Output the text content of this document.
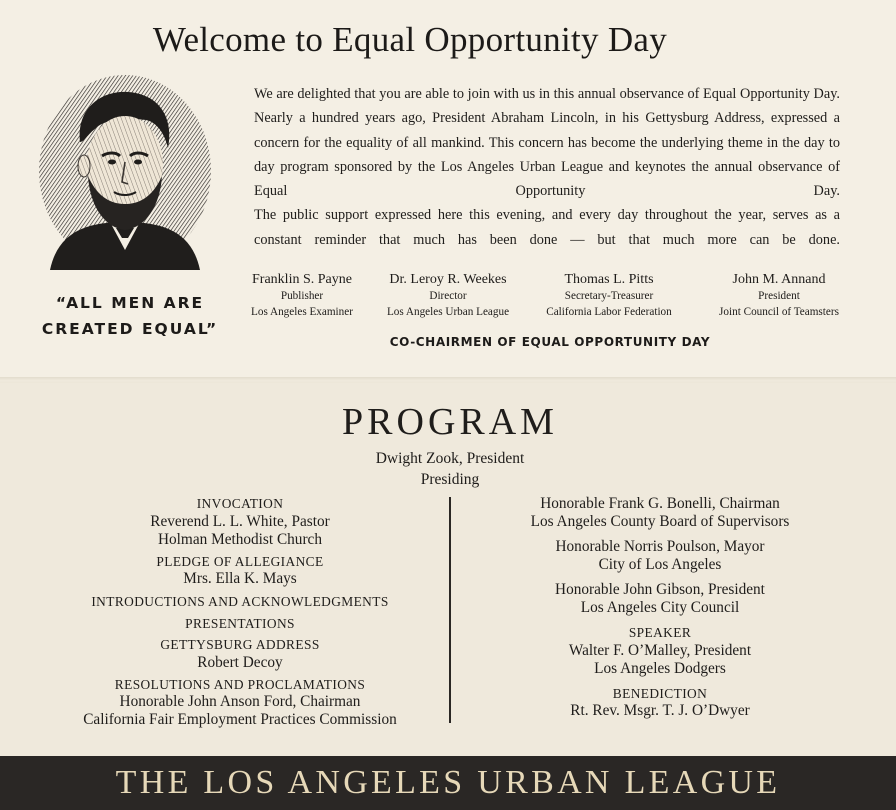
Welcome to Equal Opportunity Day
“ALL MEN ARE
CREATED EQUAL”

We are delighted that you are able to join with us in this annual observance of Equal Opportunity Day. Nearly a hundred years ago, President Abraham Lincoln, in his Gettysburg Address, expressed a concern for the equality of all mankind. This concern has become the underlying theme in the day to day program sponsored by the Los Angeles Urban League and keynotes the annual observance of Equal Opportunity Day.

The public support expressed here this evening, and every day throughout the year, serves as a constant reminder that much has been done — but that much more can be done.

Franklin S. Payne
Publisher
Los Angeles Examiner
Dr. Leroy R. Weekes
Director
Los Angeles Urban League
Thomas L. Pitts
Secretary-Treasurer
California Labor Federation
John M. Annand
President
Joint Council of Teamsters
CO-CHAIRMEN OF EQUAL OPPORTUNITY DAY
PROGRAM
Dwight Zook, President
Presiding
INVOCATION
Reverend L. L. White, Pastor
Holman Methodist Church
PLEDGE OF ALLEGIANCE
Mrs. Ella K. Mays
INTRODUCTIONS AND ACKNOWLEDGMENTS
PRESENTATIONS
GETTYSBURG ADDRESS
Robert Decoy
RESOLUTIONS AND PROCLAMATIONS
Honorable John Anson Ford, Chairman
California Fair Employment Practices Commission
Honorable Frank G. Bonelli, Chairman
Los Angeles County Board of Supervisors
Honorable Norris Poulson, Mayor
City of Los Angeles
Honorable John Gibson, President
Los Angeles City Council
SPEAKER
Walter F. O’Malley, President
Los Angeles Dodgers
BENEDICTION
Rt. Rev. Msgr. T. J. O’Dwyer
THE LOS ANGELES URBAN LEAGUE
